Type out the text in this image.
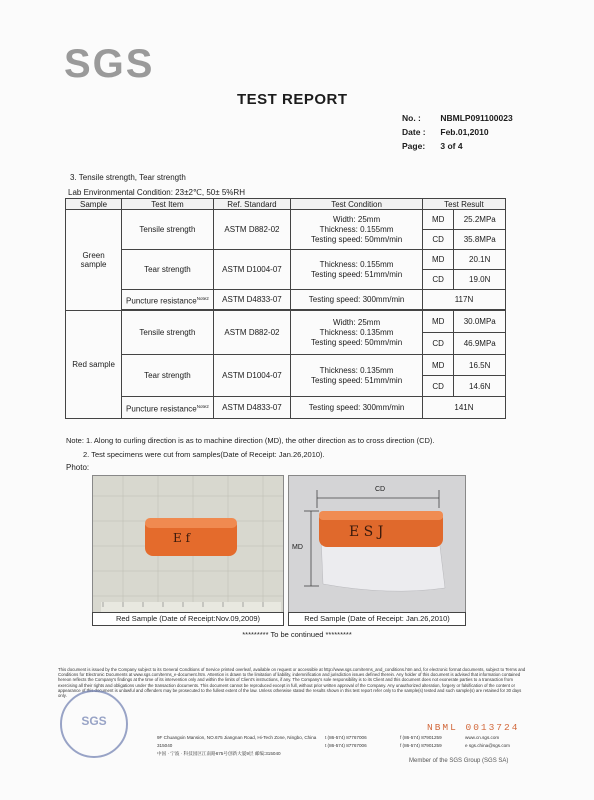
SGS
TEST REPORT
No. : NBMLP091100023
Date : Feb.01,2010
Page: 3 of 4
3. Tensile strength, Tear strength
Lab Environmental Condition: 23±2℃, 50± 5%RH
Sample	Test Item	Ref. Standard	Test Condition	Test Result	
Green sample	Tensile strength	ASTM D882-02	Width: 25mm
Thickness: 0.155mm
Testing speed: 50mm/min	MD	25.2MPa
				CD	35.8MPa
	Tear strength	ASTM D1004-07	Thickness: 0.155mm
Testing speed: 51mm/min	MD	20.1N
				CD	19.0N
	Puncture resistance$^{Note2}$	ASTM D4833-07	Testing speed: 300mm/min	117N	

Red sample	Tensile strength	ASTM D882-02	Width: 25mm
Thickness: 0.135mm
Testing speed: 50mm/min	MD	30.0MPa
				CD	46.9MPa
	Tear strength	ASTM D1004-07	Thickness: 0.135mm
Testing speed: 51mm/min	MD	16.5N
				CD	14.6N
	Puncture resistance$^{Note2}$	ASTM D4833-07	Testing speed: 300mm/min	141N	
Note: 1. Along to curling direction is as to machine direction (MD), the other direction as to cross direction (CD).
2. Test specimens were cut from samples(Date of Receipt: Jan.26,2010).
Photo:
E f	E S J
CD
MD
Red Sample (Date of Receipt:Nov.09,2009)	Red Sample (Date of Receipt: Jan.26,2010)
********* To be continued *********
This document is issued by the Company subject to its General Conditions of Service printed overleaf, available on request or accessible at http://www.sgs.com/terms_and_conditions.htm and, for electronic format documents, subject to Terms and Conditions for Electronic Documents at www.sgs.com/terms_e-document.htm. Attention is drawn to the limitation of liability, indemnification and jurisdiction issues defined therein. Any holder of this document is advised that information contained hereon reflects the Company's findings at the time of its intervention only and within the limits of Client's instructions, if any. The Company's sole responsibility is to its Client and this document does not exonerate parties to a transaction from exercising all their rights and obligations under the transaction documents. This document cannot be reproduced except in full, without prior written approval of the Company. Any unauthorized alteration, forgery or falsification of the content or appearance of this document is unlawful and offenders may be prosecuted to the fullest extent of the law. Unless otherwise stated the results shown in this test report refer only to the sample(s) tested and such sample(s) are retained for 30 days only.
SGS	NBML 0013724
9F Chuangxin Mansion, NO.675 Jiangnan Road, Hi-Tech Zone, Ningbo, China 315040
中国 · 宁波 · 科技园区江南路675号创新大厦9层 邮编:315040
t (86-574) 87767006
t (86-574) 87767006
f (86-574) 87901259
f (86-574) 87901259
www.cn.sgs.com
e sgs.china@sgs.com
Member of the SGS Group (SGS SA)
